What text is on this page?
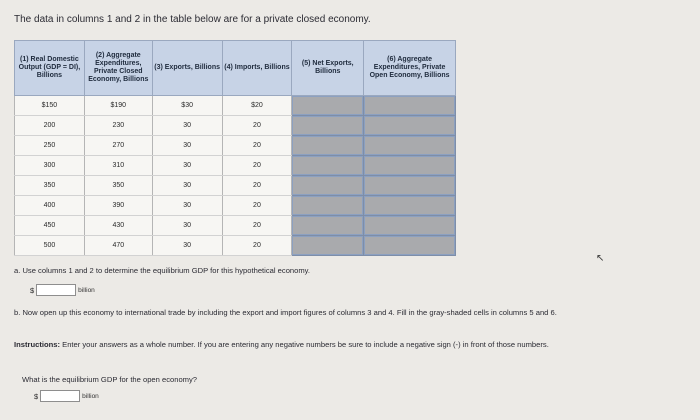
The data in columns 1 and 2 in the table below are for a private closed economy.
(1) Real Domestic Output (GDP = DI), Billions	(2) Aggregate Expenditures, Private Closed Economy, Billions	(3) Exports, Billions	(4) Imports, Billions	(5) Net Exports, Billions	(6) Aggregate Expenditures, Private Open Economy, Billions
$150	$190	$30	$20	

200	230	30	20	

250	270	30	20	

300	310	30	20	

350	350	30	20	

400	390	30	20	

450	430	30	20	

500	470	30	20	

a. Use columns 1 and 2 to determine the equilibrium GDP for this hypothetical economy.
$	billion
b. Now open up this economy to international trade by including the export and import figures of columns 3 and 4. Fill in the gray-shaded cells in columns 5 and 6.
Instructions: Enter your answers as a whole number. If you are entering any negative numbers be sure to include a negative sign (-) in front of those numbers.
What is the equilibrium GDP for the open economy?
$	billion
↖
